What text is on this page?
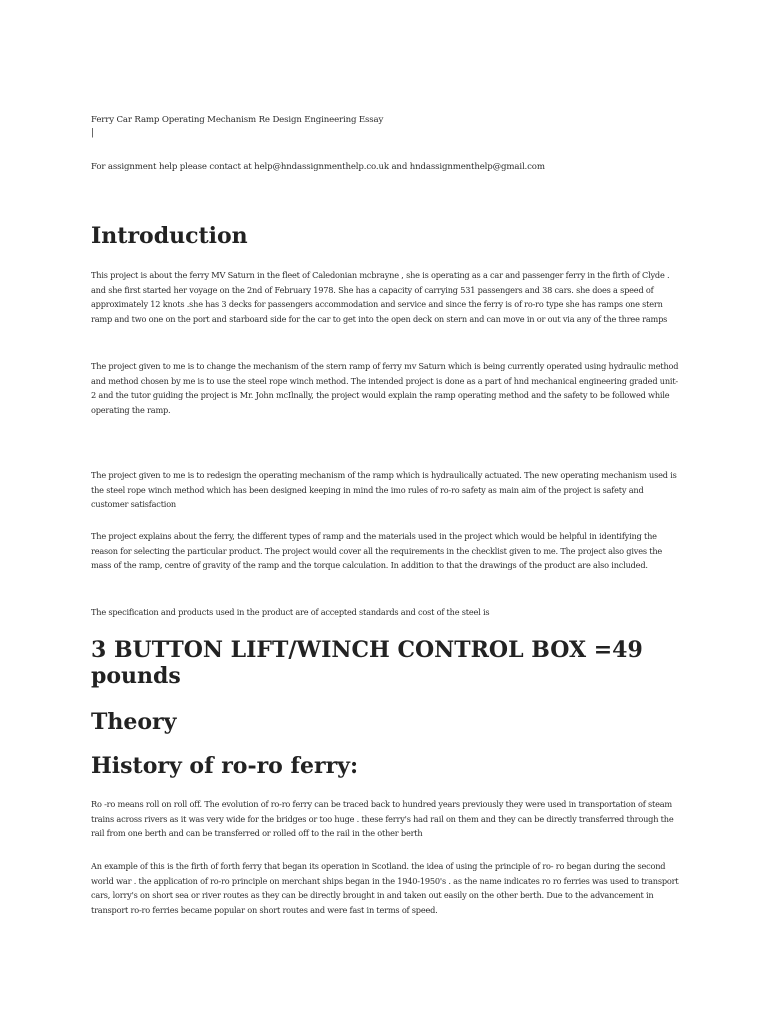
Ferry Car Ramp Operating Mechanism Re Design Engineering Essay
|
For assignment help please contact at help@hndassignmenthelp.co.uk and hndassignmenthelp@gmail.com
Introduction

This project is about the ferry MV Saturn in the fleet of Caledonian mcbrayne , she is operating as a car and passenger ferry in the firth of Clyde . and she first started her voyage on the 2nd of February 1978. She has a capacity of carrying 531 passengers and 38 cars. she does a speed of approximately 12 knots .she has 3 decks for passengers accommodation and service and since the ferry is of ro-ro type she has ramps one stern ramp and two one on the port and starboard side for the car to get into the open deck on stern and can move in or out via any of the three ramps

The project given to me is to change the mechanism of the stern ramp of ferry mv Saturn which is being currently operated using hydraulic method and method chosen by me is to use the steel rope winch method. The intended project is done as a part of hnd mechanical engineering graded unit-2 and the tutor guiding the project is Mr. John mcIlnally, the project would explain the ramp operating method and the safety to be followed while operating the ramp.

The project given to me is to redesign the operating mechanism of the ramp which is hydraulically actuated. The new operating mechanism used is the steel rope winch method which has been designed keeping in mind the imo rules of ro-ro safety as main aim of the project is safety and customer satisfaction

The project explains about the ferry, the different types of ramp and the materials used in the project which would be helpful in identifying the reason for selecting the particular product. The project would cover all the requirements in the checklist given to me. The project also gives the mass of the ramp, centre of gravity of the ramp and the torque calculation. In addition to that the drawings of the product are also included.

The specification and products used in the product are of accepted standards and cost of the steel is

3 BUTTON LIFT/WINCH CONTROL BOX =49 pounds
Theory
History of ro-ro ferry:

Ro -ro means roll on roll off. The evolution of ro-ro ferry can be traced back to hundred years previously they were used in transportation of steam trains across rivers as it was very wide for the bridges or too huge . these ferry's had rail on them and they can be directly transferred through the rail from one berth and can be transferred or rolled off to the rail in the other berth

An example of this is the firth of forth ferry that began its operation in Scotland. the idea of using the principle of ro- ro began during the second world war . the application of ro-ro principle on merchant ships began in the 1940-1950's . as the name indicates ro ro ferries was used to transport cars, lorry's on short sea or river routes as they can be directly brought in and taken out easily on the other berth. Due to the advancement in transport ro-ro ferries became popular on short routes and were fast in terms of speed.
